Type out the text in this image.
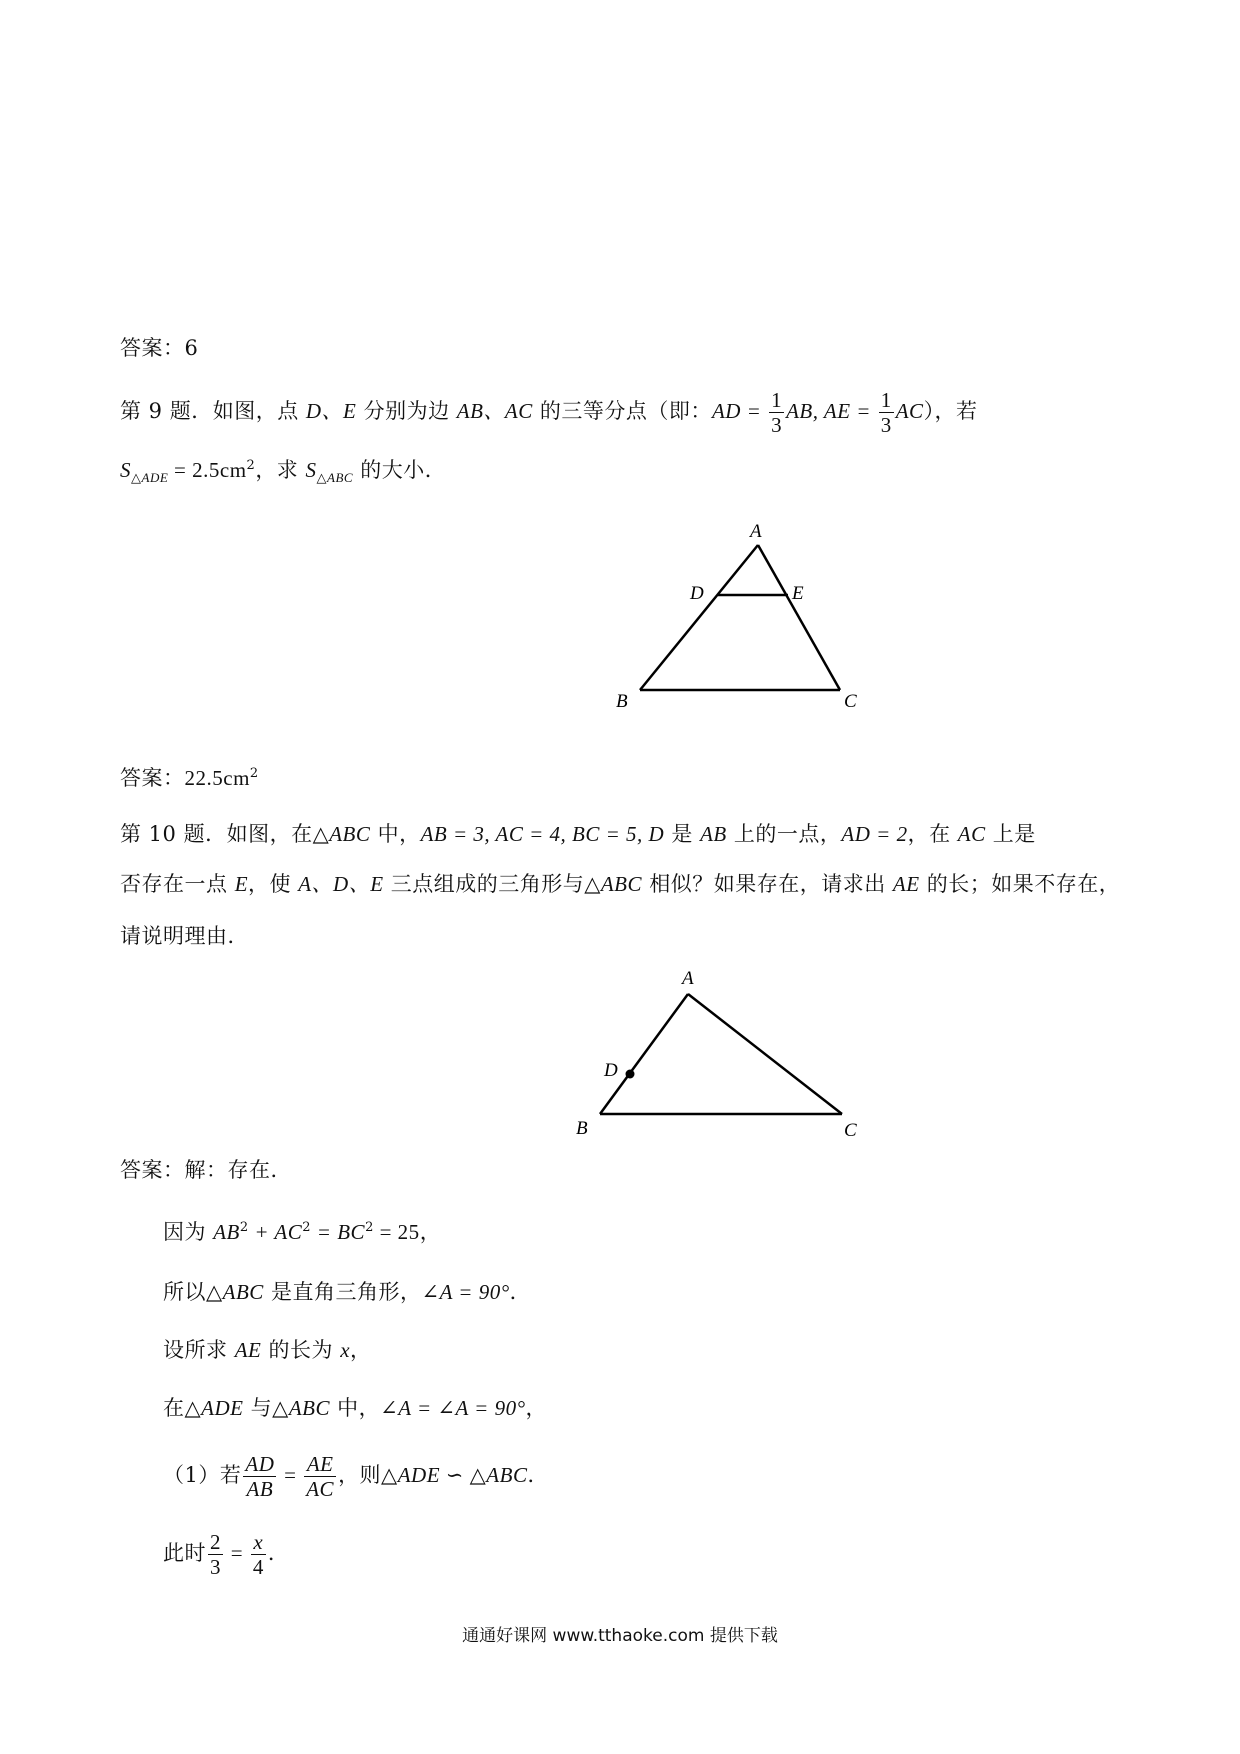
答案：6
第 9 题．如图，点 D、E 分别为边 AB、AC 的三等分点（即：AD = $\frac{1}{3}$ AB, AE = $\frac{1}{3} AC$），若
$S_{\triangle ADE} = 2.5cm^2$，求 $S_{\triangle ABC}$ 的大小．
A
D	E
B	C
答案：$22.5cm^2$
第 10 题．如图，在△ABC 中，AB = 3, AC = 4, BC = 5, D 是 AB 上的一点，AD = 2，在 AC 上是
否存在一点 E，使 A、D、E 三点组成的三角形与△ABC 相似？如果存在，请求出 AE 的长；如果不存在，
请说明理由．
A
D
B	C
答案：解：存在．
因为 $AB^2 + AC^2 = BC^2 = 25$，
所以△ABC 是直角三角形，∠A = 90°．
设所求 AE 的长为 x，
在△ADE 与△ABC 中，∠A = ∠A = 90°，
（1）若 $\frac{AD}{AB} = \frac{AE}{AC}$ ，则△ADE ∽ △ABC．
此时 $\frac{2}{3} = \frac{x}{4}$ ．
通通好课网 www.tthaoke.com 提供下载
